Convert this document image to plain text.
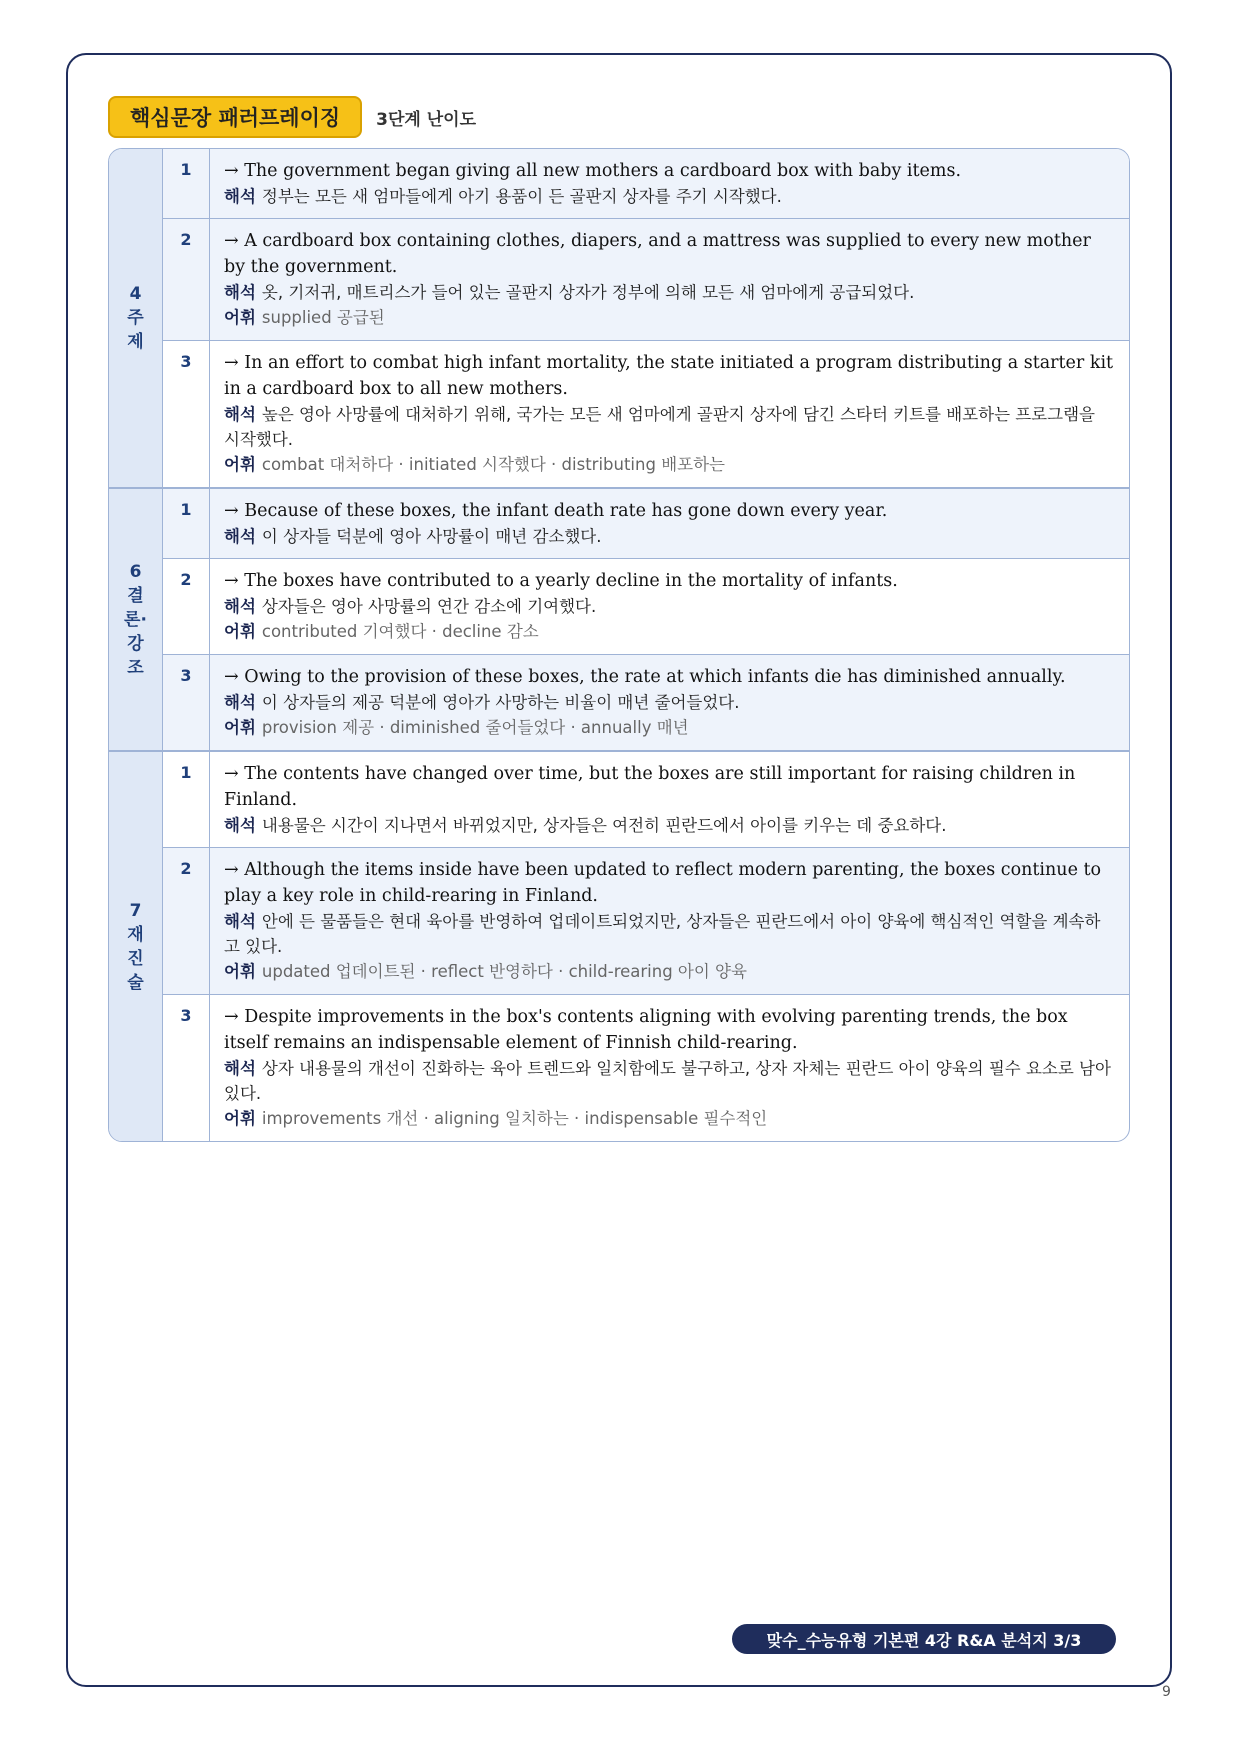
핵심문장 패러프레이징	3단계 난이도
4
주
제
1	→ The government began giving all new mothers a cardboard box with baby items.
해석 정부는 모든 새 엄마들에게 아기 용품이 든 골판지 상자를 주기 시작했다.
2	→ A cardboard box containing clothes, diapers, and a mattress was supplied to every new mother by the government.
해석 옷, 기저귀, 매트리스가 들어 있는 골판지 상자가 정부에 의해 모든 새 엄마에게 공급되었다.
어휘 supplied 공급된
3	→ In an effort to combat high infant mortality, the state initiated a program distributing a starter kit in a cardboard box to all new mothers.
해석 높은 영아 사망률에 대처하기 위해, 국가는 모든 새 엄마에게 골판지 상자에 담긴 스타터 키트를 배포하는 프로그램을 시작했다.
어휘 combat 대처하다 · initiated 시작했다 · distributing 배포하는
6
결
론·
강
조
1	→ Because of these boxes, the infant death rate has gone down every year.
해석 이 상자들 덕분에 영아 사망률이 매년 감소했다.
2	→ The boxes have contributed to a yearly decline in the mortality of infants.
해석 상자들은 영아 사망률의 연간 감소에 기여했다.
어휘 contributed 기여했다 · decline 감소
3	→ Owing to the provision of these boxes, the rate at which infants die has diminished annually.
해석 이 상자들의 제공 덕분에 영아가 사망하는 비율이 매년 줄어들었다.
어휘 provision 제공 · diminished 줄어들었다 · annually 매년
7
재
진
술
1	→ The contents have changed over time, but the boxes are still important for raising children in Finland.
해석 내용물은 시간이 지나면서 바뀌었지만, 상자들은 여전히 핀란드에서 아이를 키우는 데 중요하다.
2	→ Although the items inside have been updated to reflect modern parenting, the boxes continue to play a key role in child-rearing in Finland.
해석 안에 든 물품들은 현대 육아를 반영하여 업데이트되었지만, 상자들은 핀란드에서 아이 양육에 핵심적인 역할을 계속하고 있다.
어휘 updated 업데이트된 · reflect 반영하다 · child-rearing 아이 양육
3	→ Despite improvements in the box's contents aligning with evolving parenting trends, the box itself remains an indispensable element of Finnish child-rearing.
해석 상자 내용물의 개선이 진화하는 육아 트렌드와 일치함에도 불구하고, 상자 자체는 핀란드 아이 양육의 필수 요소로 남아 있다.
어휘 improvements 개선 · aligning 일치하는 · indispensable 필수적인
맞수_수능유형 기본편 4강 R&A 분석지 3/3
9
